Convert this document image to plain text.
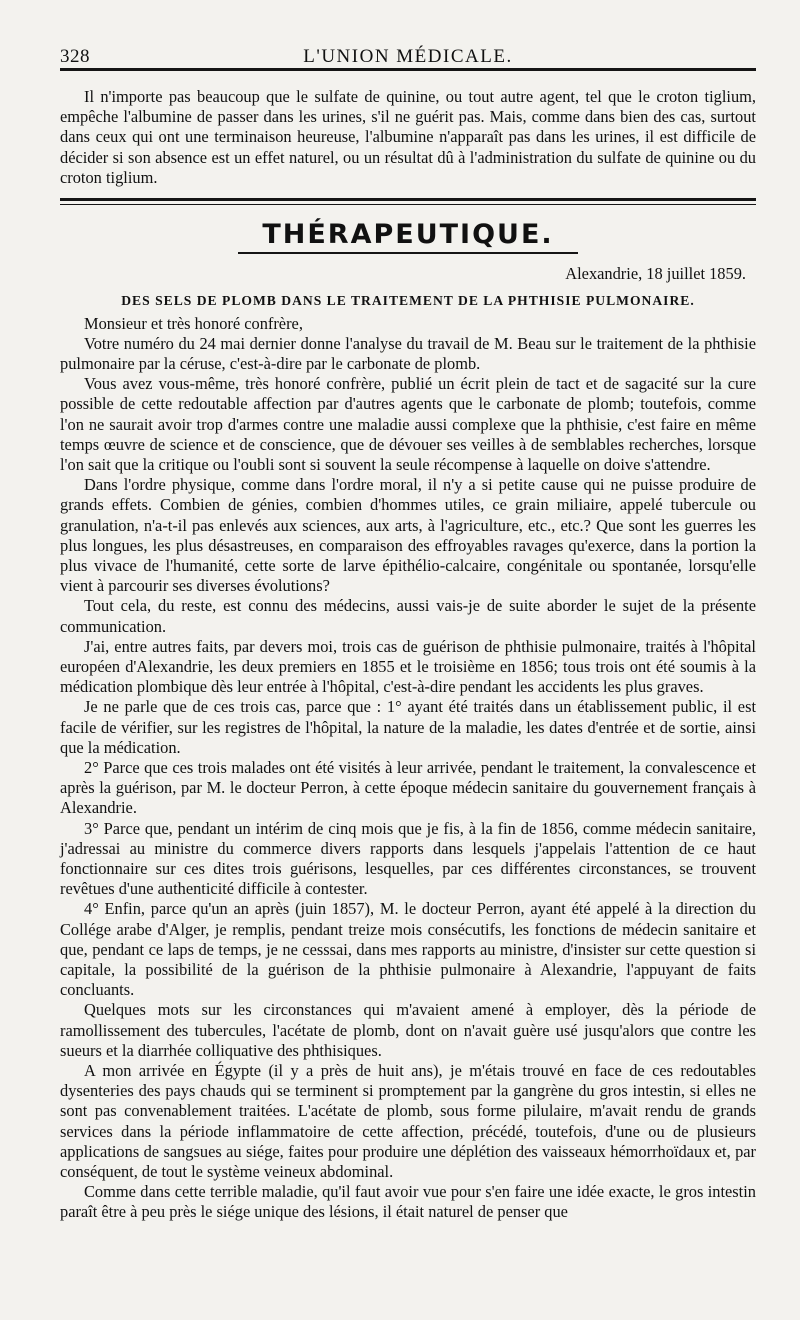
328	L'UNION MÉDICALE.

Il n'importe pas beaucoup que le sulfate de quinine, ou tout autre agent, tel que le croton tiglium, empêche l'albumine de passer dans les urines, s'il ne guérit pas. Mais, comme dans bien des cas, surtout dans ceux qui ont une terminaison heureuse, l'albumine n'apparaît pas dans les urines, il est difficile de décider si son absence est un effet naturel, ou un résultat dû à l'administration du sulfate de quinine ou du croton tiglium.

THÉRAPEUTIQUE.
Alexandrie, 18 juillet 1859.
DES SELS DE PLOMB DANS LE TRAITEMENT DE LA PHTHISIE PULMONAIRE.

Monsieur et très honoré confrère,

Votre numéro du 24 mai dernier donne l'analyse du travail de M. Beau sur le traitement de la phthisie pulmonaire par la céruse, c'est-à-dire par le carbonate de plomb.

Vous avez vous-même, très honoré confrère, publié un écrit plein de tact et de sagacité sur la cure possible de cette redoutable affection par d'autres agents que le carbonate de plomb; toutefois, comme l'on ne saurait avoir trop d'armes contre une maladie aussi complexe que la phthisie, c'est faire en même temps œuvre de science et de conscience, que de dévouer ses veilles à de semblables recherches, lorsque l'on sait que la critique ou l'oubli sont si souvent la seule récompense à laquelle on doive s'attendre.

Dans l'ordre physique, comme dans l'ordre moral, il n'y a si petite cause qui ne puisse produire de grands effets. Combien de génies, combien d'hommes utiles, ce grain miliaire, appelé tubercule ou granulation, n'a-t-il pas enlevés aux sciences, aux arts, à l'agriculture, etc., etc.? Que sont les guerres les plus longues, les plus désastreuses, en comparaison des effroyables ravages qu'exerce, dans la portion la plus vivace de l'humanité, cette sorte de larve épithélio-calcaire, congénitale ou spontanée, lorsqu'elle vient à parcourir ses diverses évolutions?

Tout cela, du reste, est connu des médecins, aussi vais-je de suite aborder le sujet de la présente communication.

J'ai, entre autres faits, par devers moi, trois cas de guérison de phthisie pulmonaire, traités à l'hôpital européen d'Alexandrie, les deux premiers en 1855 et le troisième en 1856; tous trois ont été soumis à la médication plombique dès leur entrée à l'hôpital, c'est-à-dire pendant les accidents les plus graves.

Je ne parle que de ces trois cas, parce que : 1° ayant été traités dans un établissement public, il est facile de vérifier, sur les registres de l'hôpital, la nature de la maladie, les dates d'entrée et de sortie, ainsi que la médication.

2° Parce que ces trois malades ont été visités à leur arrivée, pendant le traitement, la convalescence et après la guérison, par M. le docteur Perron, à cette époque médecin sanitaire du gouvernement français à Alexandrie.

3° Parce que, pendant un intérim de cinq mois que je fis, à la fin de 1856, comme médecin sanitaire, j'adressai au ministre du commerce divers rapports dans lesquels j'appelais l'attention de ce haut fonctionnaire sur ces dites trois guérisons, lesquelles, par ces différentes circonstances, se trouvent revêtues d'une authenticité difficile à contester.

4° Enfin, parce qu'un an après (juin 1857), M. le docteur Perron, ayant été appelé à la direction du Collége arabe d'Alger, je remplis, pendant treize mois consécutifs, les fonctions de médecin sanitaire et que, pendant ce laps de temps, je ne cesssai, dans mes rapports au ministre, d'insister sur cette question si capitale, la possibilité de la guérison de la phthisie pulmonaire à Alexandrie, l'appuyant de faits concluants.

Quelques mots sur les circonstances qui m'avaient amené à employer, dès la période de ramollissement des tubercules, l'acétate de plomb, dont on n'avait guère usé jusqu'alors que contre les sueurs et la diarrhée colliquative des phthisiques.

A mon arrivée en Égypte (il y a près de huit ans), je m'étais trouvé en face de ces redoutables dysenteries des pays chauds qui se terminent si promptement par la gangrène du gros intestin, si elles ne sont pas convenablement traitées. L'acétate de plomb, sous forme pilulaire, m'avait rendu de grands services dans la période inflammatoire de cette affection, précédé, toutefois, d'une ou de plusieurs applications de sangsues au siége, faites pour produire une déplétion des vaisseaux hémorrhoïdaux et, par conséquent, de tout le système veineux abdominal.

Comme dans cette terrible maladie, qu'il faut avoir vue pour s'en faire une idée exacte, le gros intestin paraît être à peu près le siége unique des lésions, il était naturel de penser que
